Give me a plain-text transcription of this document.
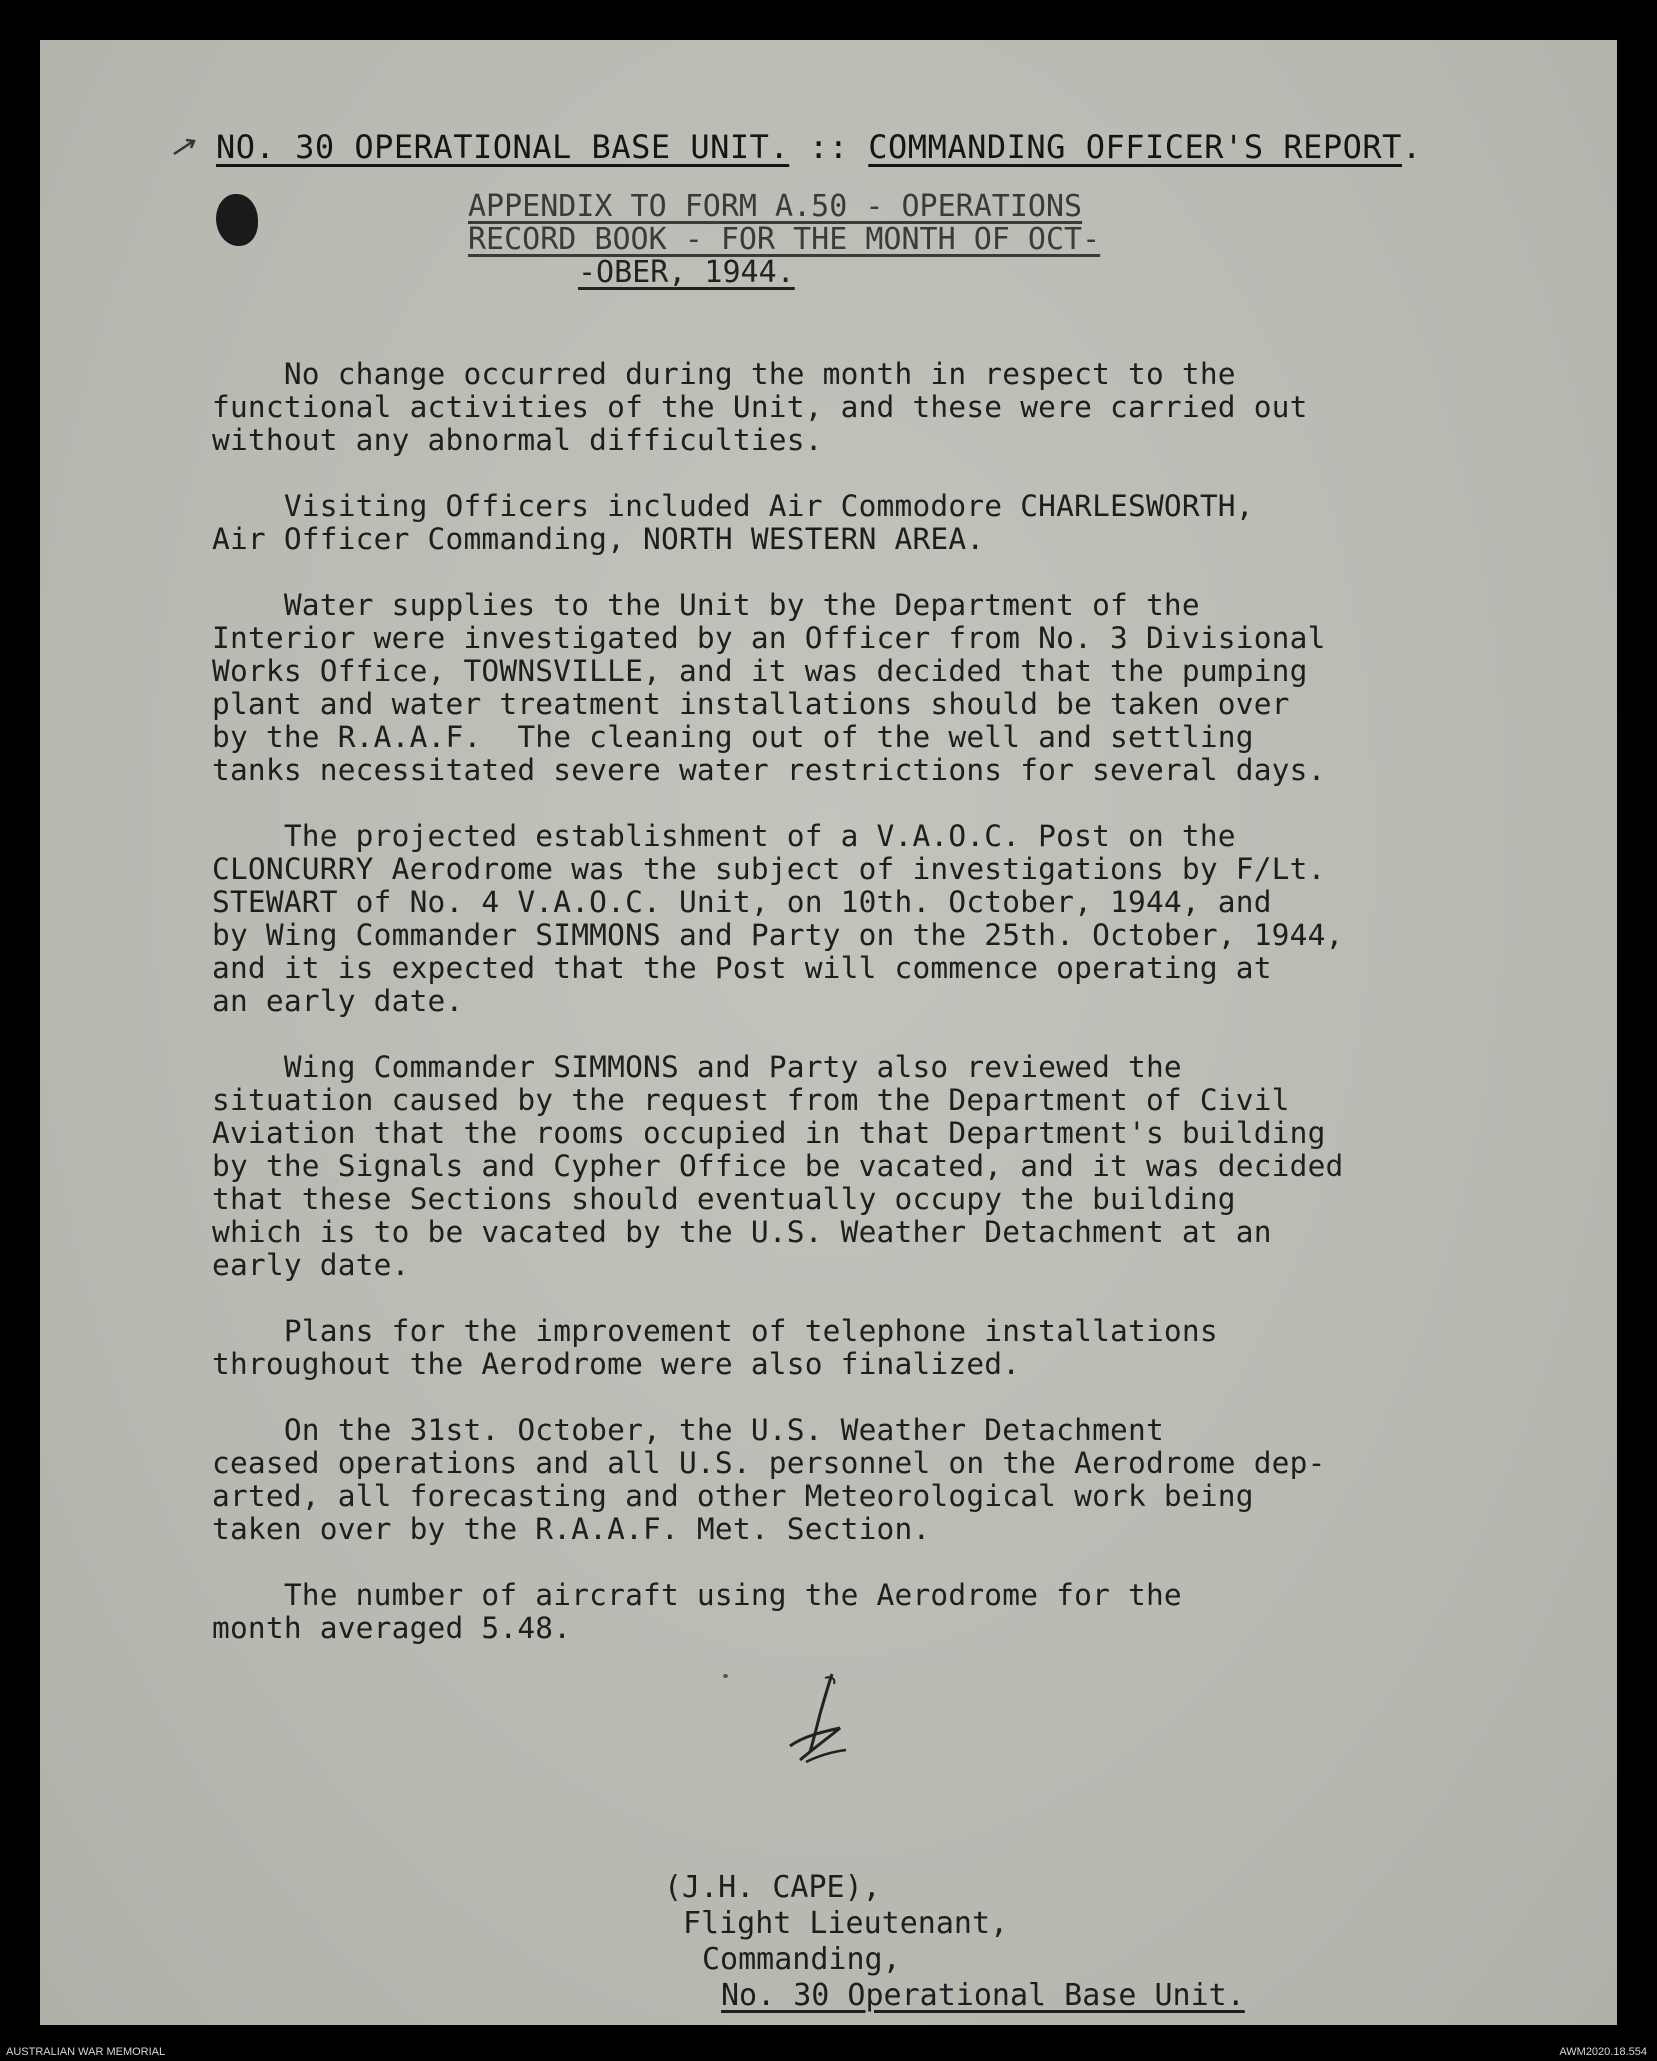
NO. 30 OPERATIONAL BASE UNIT. :: COMMANDING OFFICER'S REPORT.
APPENDIX TO FORM A.50 - OPERATIONS
RECORD BOOK - FOR THE MONTH OF OCT-
-OBER, 1944.
No change occurred during the month in respect to the
functional activities of the Unit, and these were carried out
without any abnormal difficulties.
Visiting Officers included Air Commodore CHARLESWORTH,
Air Officer Commanding, NORTH WESTERN AREA.
Water supplies to the Unit by the Department of the
Interior were investigated by an Officer from No. 3 Divisional
Works Office, TOWNSVILLE, and it was decided that the pumping
plant and water treatment installations should be taken over
by the R.A.A.F.  The cleaning out of the well and settling
tanks necessitated severe water restrictions for several days.
The projected establishment of a V.A.O.C. Post on the
CLONCURRY Aerodrome was the subject of investigations by F/Lt.
STEWART of No. 4 V.A.O.C. Unit, on 10th. October, 1944, and
by Wing Commander SIMMONS and Party on the 25th. October, 1944,
and it is expected that the Post will commence operating at
an early date.
Wing Commander SIMMONS and Party also reviewed the
situation caused by the request from the Department of Civil
Aviation that the rooms occupied in that Department's building
by the Signals and Cypher Office be vacated, and it was decided
that these Sections should eventually occupy the building
which is to be vacated by the U.S. Weather Detachment at an
early date.
Plans for the improvement of telephone installations
throughout the Aerodrome were also finalized.
On the 31st. October, the U.S. Weather Detachment
ceased operations and all U.S. personnel on the Aerodrome dep-
arted, all forecasting and other Meteorological work being
taken over by the R.A.A.F. Met. Section.
The number of aircraft using the Aerodrome for the
month averaged 5.48.
(J.H. CAPE),
Flight Lieutenant,
Commanding,
No. 30 Operational Base Unit.
AUSTRALIAN WAR MEMORIAL	AWM2020.18.554
